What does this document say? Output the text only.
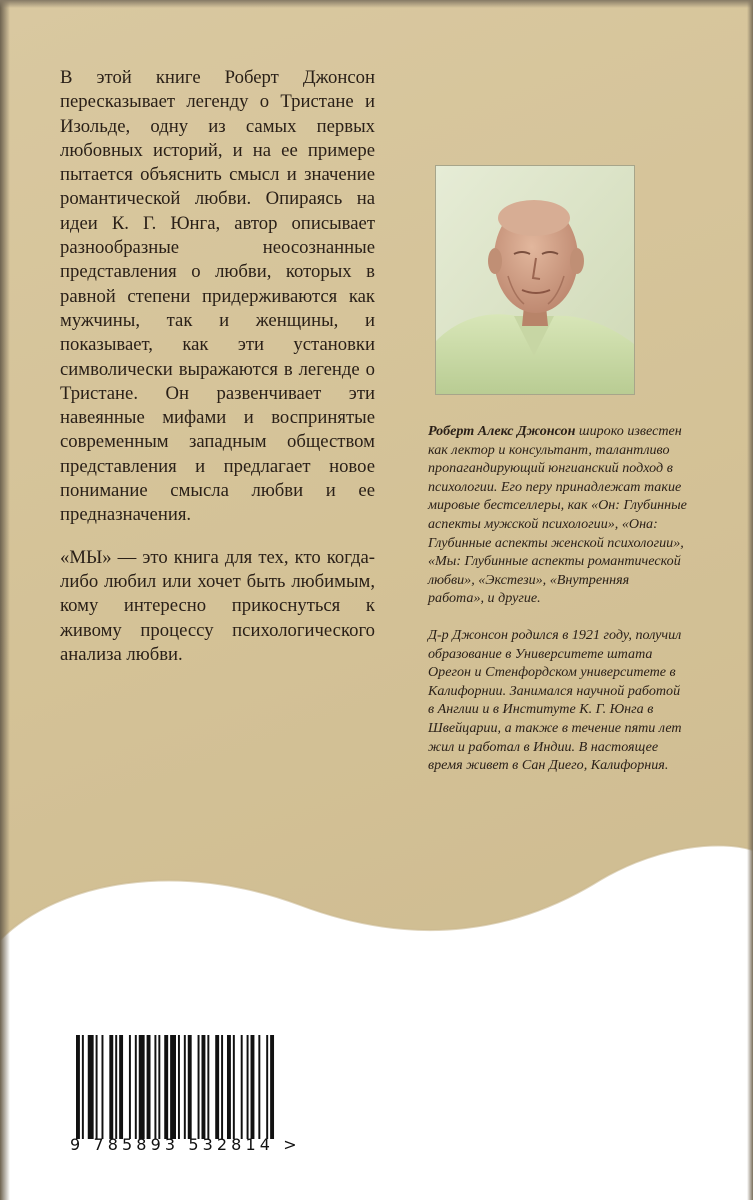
В этой книге Роберт Джонсон пересказывает легенду о Тристане и Изольде, одну из самых первых любовных историй, и на ее примере пытается объяснить смысл и значение романтической любви. Опираясь на идеи К. Г. Юнга, автор описывает разнообразные неосознанные представления о любви, которых в равной степени придерживаются как мужчины, так и женщины, и показывает, как эти установки символически выражаются в легенде о Тристане. Он развенчивает эти навеянные мифами и воспринятые современным западным обществом представления и предлагает новое понимание смысла любви и ее предназначения.

«МЫ» — это книга для тех, кто когда-либо любил или хочет быть любимым, кому интересно прикоснуться к живому процессу психологического анализа любви.

Роберт Алекс Джонсон широко известен как лектор и консультант, талантливо пропагандирующий юнгианский подход в психологии. Его перу принадлежат такие мировые бестселлеры, как «Он: Глубинные аспекты мужской психологии», «Она: Глубинные аспекты женской психологии», «Мы: Глубинные аспекты романтической любви», «Экстези», «Внутренняя работа», и другие.

Д-р Джонсон родился в 1921 году, получил образование в Университете штата Орегон и Стенфордском университете в Калифорнии. Занимался научной работой в Англии и в Институте К. Г. Юнга в Швейцарии, а также в течение пяти лет жил и работал в Индии. В настоящее время живет в Сан Диего, Калифорния.

9 785893 532814 >
